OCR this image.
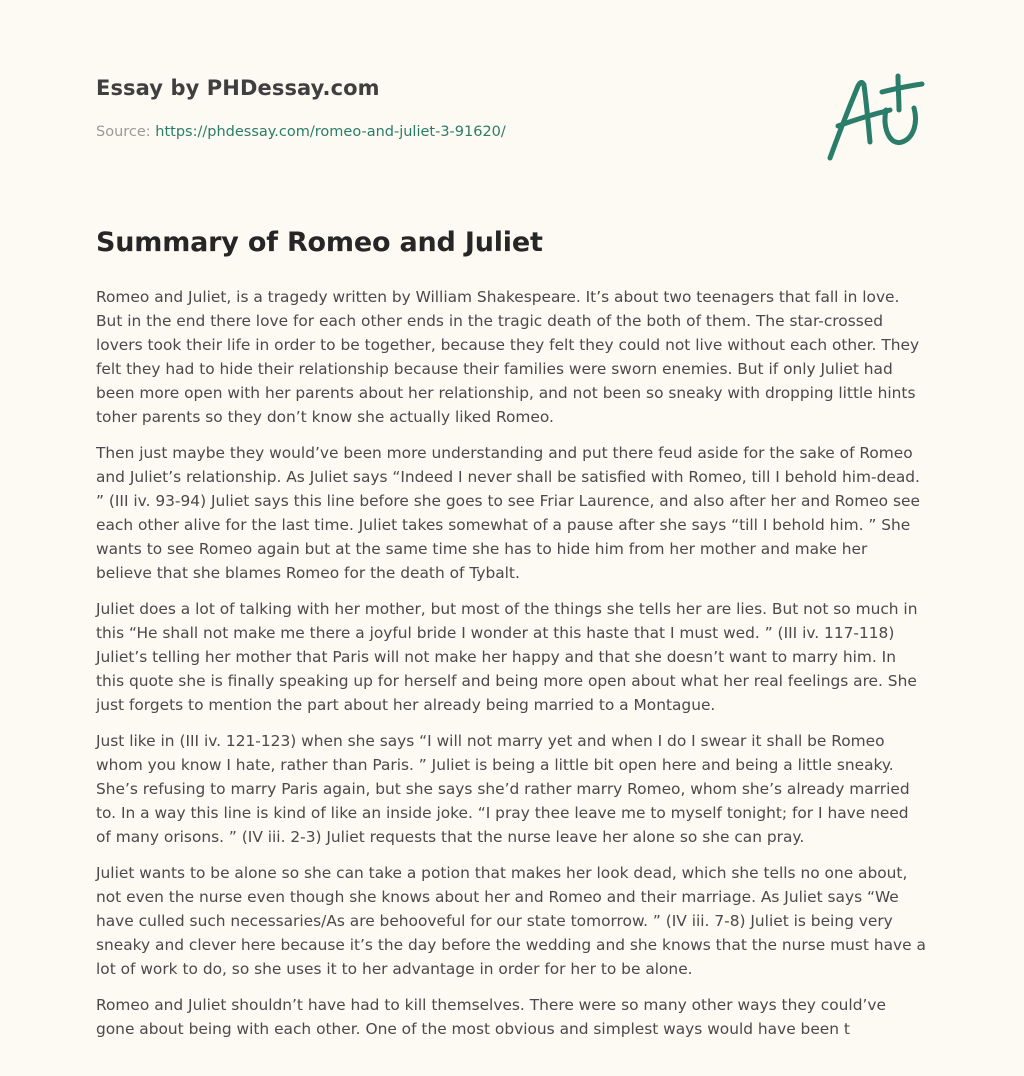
Essay by PHDessay.com
Source: https://phdessay.com/romeo-and-juliet-3-91620/
Summary of Romeo and Juliet

Romeo and Juliet, is a tragedy written by William Shakespeare. It’s about two teenagers that fall in love. But in the end there love for each other ends in the tragic death of the both of them. The star-crossed lovers took their life in order to be together, because they felt they could not live without each other. They felt they had to hide their relationship because their families were sworn enemies. But if only Juliet had been more open with her parents about her relationship, and not been so sneaky with dropping little hints toher parents so they don’t know she actually liked Romeo.

Then just maybe they would’ve been more understanding and put there feud aside for the sake of Romeo and Juliet’s relationship. As Juliet says “Indeed I never shall be satisfied with Romeo, till I behold him-dead. ” (III iv. 93-94) Juliet says this line before she goes to see Friar Laurence, and also after her and Romeo see each other alive for the last time. Juliet takes somewhat of a pause after she says “till I behold him. ” She wants to see Romeo again but at the same time she has to hide him from her mother and make her believe that she blames Romeo for the death of Tybalt.

Juliet does a lot of talking with her mother, but most of the things she tells her are lies. But not so much in this “He shall not make me there a joyful bride I wonder at this haste that I must wed. ” (III iv. 117-118) Juliet’s telling her mother that Paris will not make her happy and that she doesn’t want to marry him. In this quote she is finally speaking up for herself and being more open about what her real feelings are. She just forgets to mention the part about her already being married to a Montague.

Just like in (III iv. 121-123) when she says “I will not marry yet and when I do I swear it shall be Romeo whom you know I hate, rather than Paris. ” Juliet is being a little bit open here and being a little sneaky. She’s refusing to marry Paris again, but she says she’d rather marry Romeo, whom she’s already married to. In a way this line is kind of like an inside joke. “I pray thee leave me to myself tonight; for I have need of many orisons. ” (IV iii. 2-3) Juliet requests that the nurse leave her alone so she can pray.

Juliet wants to be alone so she can take a potion that makes her look dead, which she tells no one about, not even the nurse even though she knows about her and Romeo and their marriage. As Juliet says “We have culled such necessaries/As are behooveful for our state tomorrow. ” (IV iii. 7-8) Juliet is being very sneaky and clever here because it’s the day before the wedding and she knows that the nurse must have a lot of work to do, so she uses it to her advantage in order for her to be alone.

Romeo and Juliet shouldn’t have had to kill themselves. There were so many other ways they could’ve gone about being with each other. One of the most obvious and simplest ways would have been t
